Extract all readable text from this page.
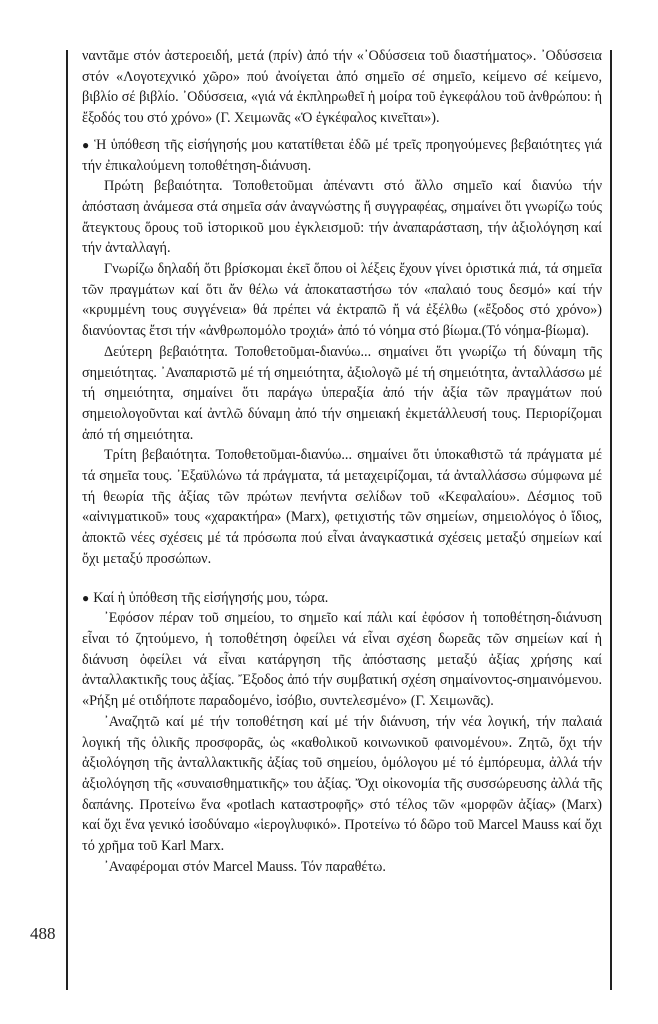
488

ναντᾶμε στόν ἀστεροειδή, μετά (πρίν) ἀπό τήν «᾿Οδύσσεια τοῦ διαστήματος». ᾿Οδύσσεια στόν «Λογοτεχνικό χῶρο» πού ἀνοίγεται ἀπό σημεῖο σέ σημεῖο, κείμενο σέ κείμενο, βιβλίο σέ βιβλίο. ᾿Οδύσσεια, «γιά νά ἐκπληρωθεῖ ἡ μοίρα τοῦ ἐγκεφάλου τοῦ ἀνθρώπου: ἡ ἔξοδός του στό χρόνο» (Γ. Χειμωνᾶς «Ὁ ἐγκέφαλος κινεῖται»).

● Ἡ ὑπόθεση τῆς εἰσήγησής μου κατατίθεται ἐδῶ μέ τρεῖς προηγούμενες βεβαιότητες γιά τήν ἐπικαλούμενη τοποθέτηση-διάνυση.

Πρώτη βεβαιότητα. Τοποθετοῦμαι ἀπέναντι στό ἄλλο σημεῖο καί διανύω τήν ἀπόσταση ἀνάμεσα στά σημεῖα σάν ἀναγνώστης ἤ συγγραφέας, σημαίνει ὅτι γνωρίζω τούς ἄτεγκτους ὅρους τοῦ ἱστορικοῦ μου ἐγκλεισμοῦ: τήν ἀναπαράσταση, τήν ἀξιολόγηση καί τήν ἀνταλλαγή.

Γνωρίζω δηλαδή ὅτι βρίσκομαι ἐκεῖ ὅπου οἱ λέξεις ἔχουν γίνει ὁριστικά πιά, τά σημεῖα τῶν πραγμάτων καί ὅτι ἄν θέλω νά ἀποκαταστήσω τόν «παλαιό τους δεσμό» καί τήν «κρυμμένη τους συγγένεια» θά πρέπει νά ἐκτραπῶ ἤ νά ἐξέλθω («ἔξοδος στό χρόνο») διανύοντας ἔτσι τήν «ἀνθρωπομόλο τροχιά» ἀπό τό νόημα στό βίωμα.(Τό νόημα-βίωμα).

Δεύτερη βεβαιότητα. Τοποθετοῦμαι-διανύω... σημαίνει ὅτι γνωρίζω τή δύναμη τῆς σημειότητας. ᾿Αναπαριστῶ μέ τή σημειότητα, ἀξιολογῶ μέ τή σημειότητα, ἀνταλλάσσω μέ τή σημειότητα, σημαίνει ὅτι παράγω ὑπεραξία ἀπό τήν ἀξία τῶν πραγμάτων πού σημειολογοῦνται καί ἀντλῶ δύναμη ἀπό τήν σημειακή ἐκμετάλλευσή τους. Περιορίζομαι ἀπό τή σημειότητα.

Τρίτη βεβαιότητα. Τοποθετοῦμαι-διανύω... σημαίνει ὅτι ὑποκαθιστῶ τά πράγματα μέ τά σημεῖα τους. ᾿Εξαϋλώνω τά πράγματα, τά μεταχειρίζομαι, τά ἀνταλλάσσω σύμφωνα μέ τή θεωρία τῆς ἀξίας τῶν πρώτων πενήντα σελίδων τοῦ «Κεφαλαίου». Δέσμιος τοῦ «αἰνιγματικοῦ» τους «χαρακτήρα» (Marx), φετιχιστής τῶν σημείων, σημειολόγος ὁ ἴδιος, ἀποκτῶ νέες σχέσεις μέ τά πρόσωπα πού εἶναι ἀναγκαστικά σχέσεις μεταξύ σημείων καί ὄχι μεταξύ προσώπων.

● Καί ἡ ὑπόθεση τῆς εἰσήγησής μου, τώρα.

᾿Εφόσον πέραν τοῦ σημείου, το σημεῖο καί πάλι καί ἐφόσον ἡ τοποθέτηση-διάνυση εἶναι τό ζητούμενο, ἡ τοποθέτηση ὀφείλει νά εἶναι σχέση δωρεᾶς τῶν σημείων καί ἡ διάνυση ὀφείλει νά εἶναι κατάργηση τῆς ἀπόστασης μεταξύ ἀξίας χρήσης καί ἀνταλλακτικῆς τους ἀξίας. Ἔξοδος ἀπό τήν συμβατική σχέση σημαίνοντος-σημαινόμενου. «Ρήξη μέ οτιδήποτε παραδομένο, ἰσόβιο, συντελεσμένο» (Γ. Χειμωνᾶς).

᾿Αναζητῶ καί μέ τήν τοποθέτηση καί μέ τήν διάνυση, τήν νέα λογική, τήν παλαιά λογική τῆς ὁλικῆς προσφορᾶς, ὡς «καθολικοῦ κοινωνικοῦ φαινομένου». Ζητῶ, ὄχι τήν ἀξιολόγηση τῆς ἀνταλλακτικῆς ἀξίας τοῦ σημείου, ὁμόλογου μέ τό ἐμπόρευμα, ἀλλά τήν ἀξιολόγηση τῆς «συναισθηματικῆς» του ἀξίας. Ὄχι οἰκονομία τῆς συσσώρευσης ἀλλά τῆς δαπάνης. Προτείνω ἕνα «potlach καταστροφῆς» στό τέλος τῶν «μορφῶν ἀξίας» (Marx) καί ὄχι ἕνα γενικό ἰσοδύναμο «ἱερογλυφικό». Προτείνω τό δῶρο τοῦ Marcel Mauss καί ὄχι τό χρῆμα τοῦ Karl Marx.

᾿Αναφέρομαι στόν Marcel Mauss. Τόν παραθέτω.
